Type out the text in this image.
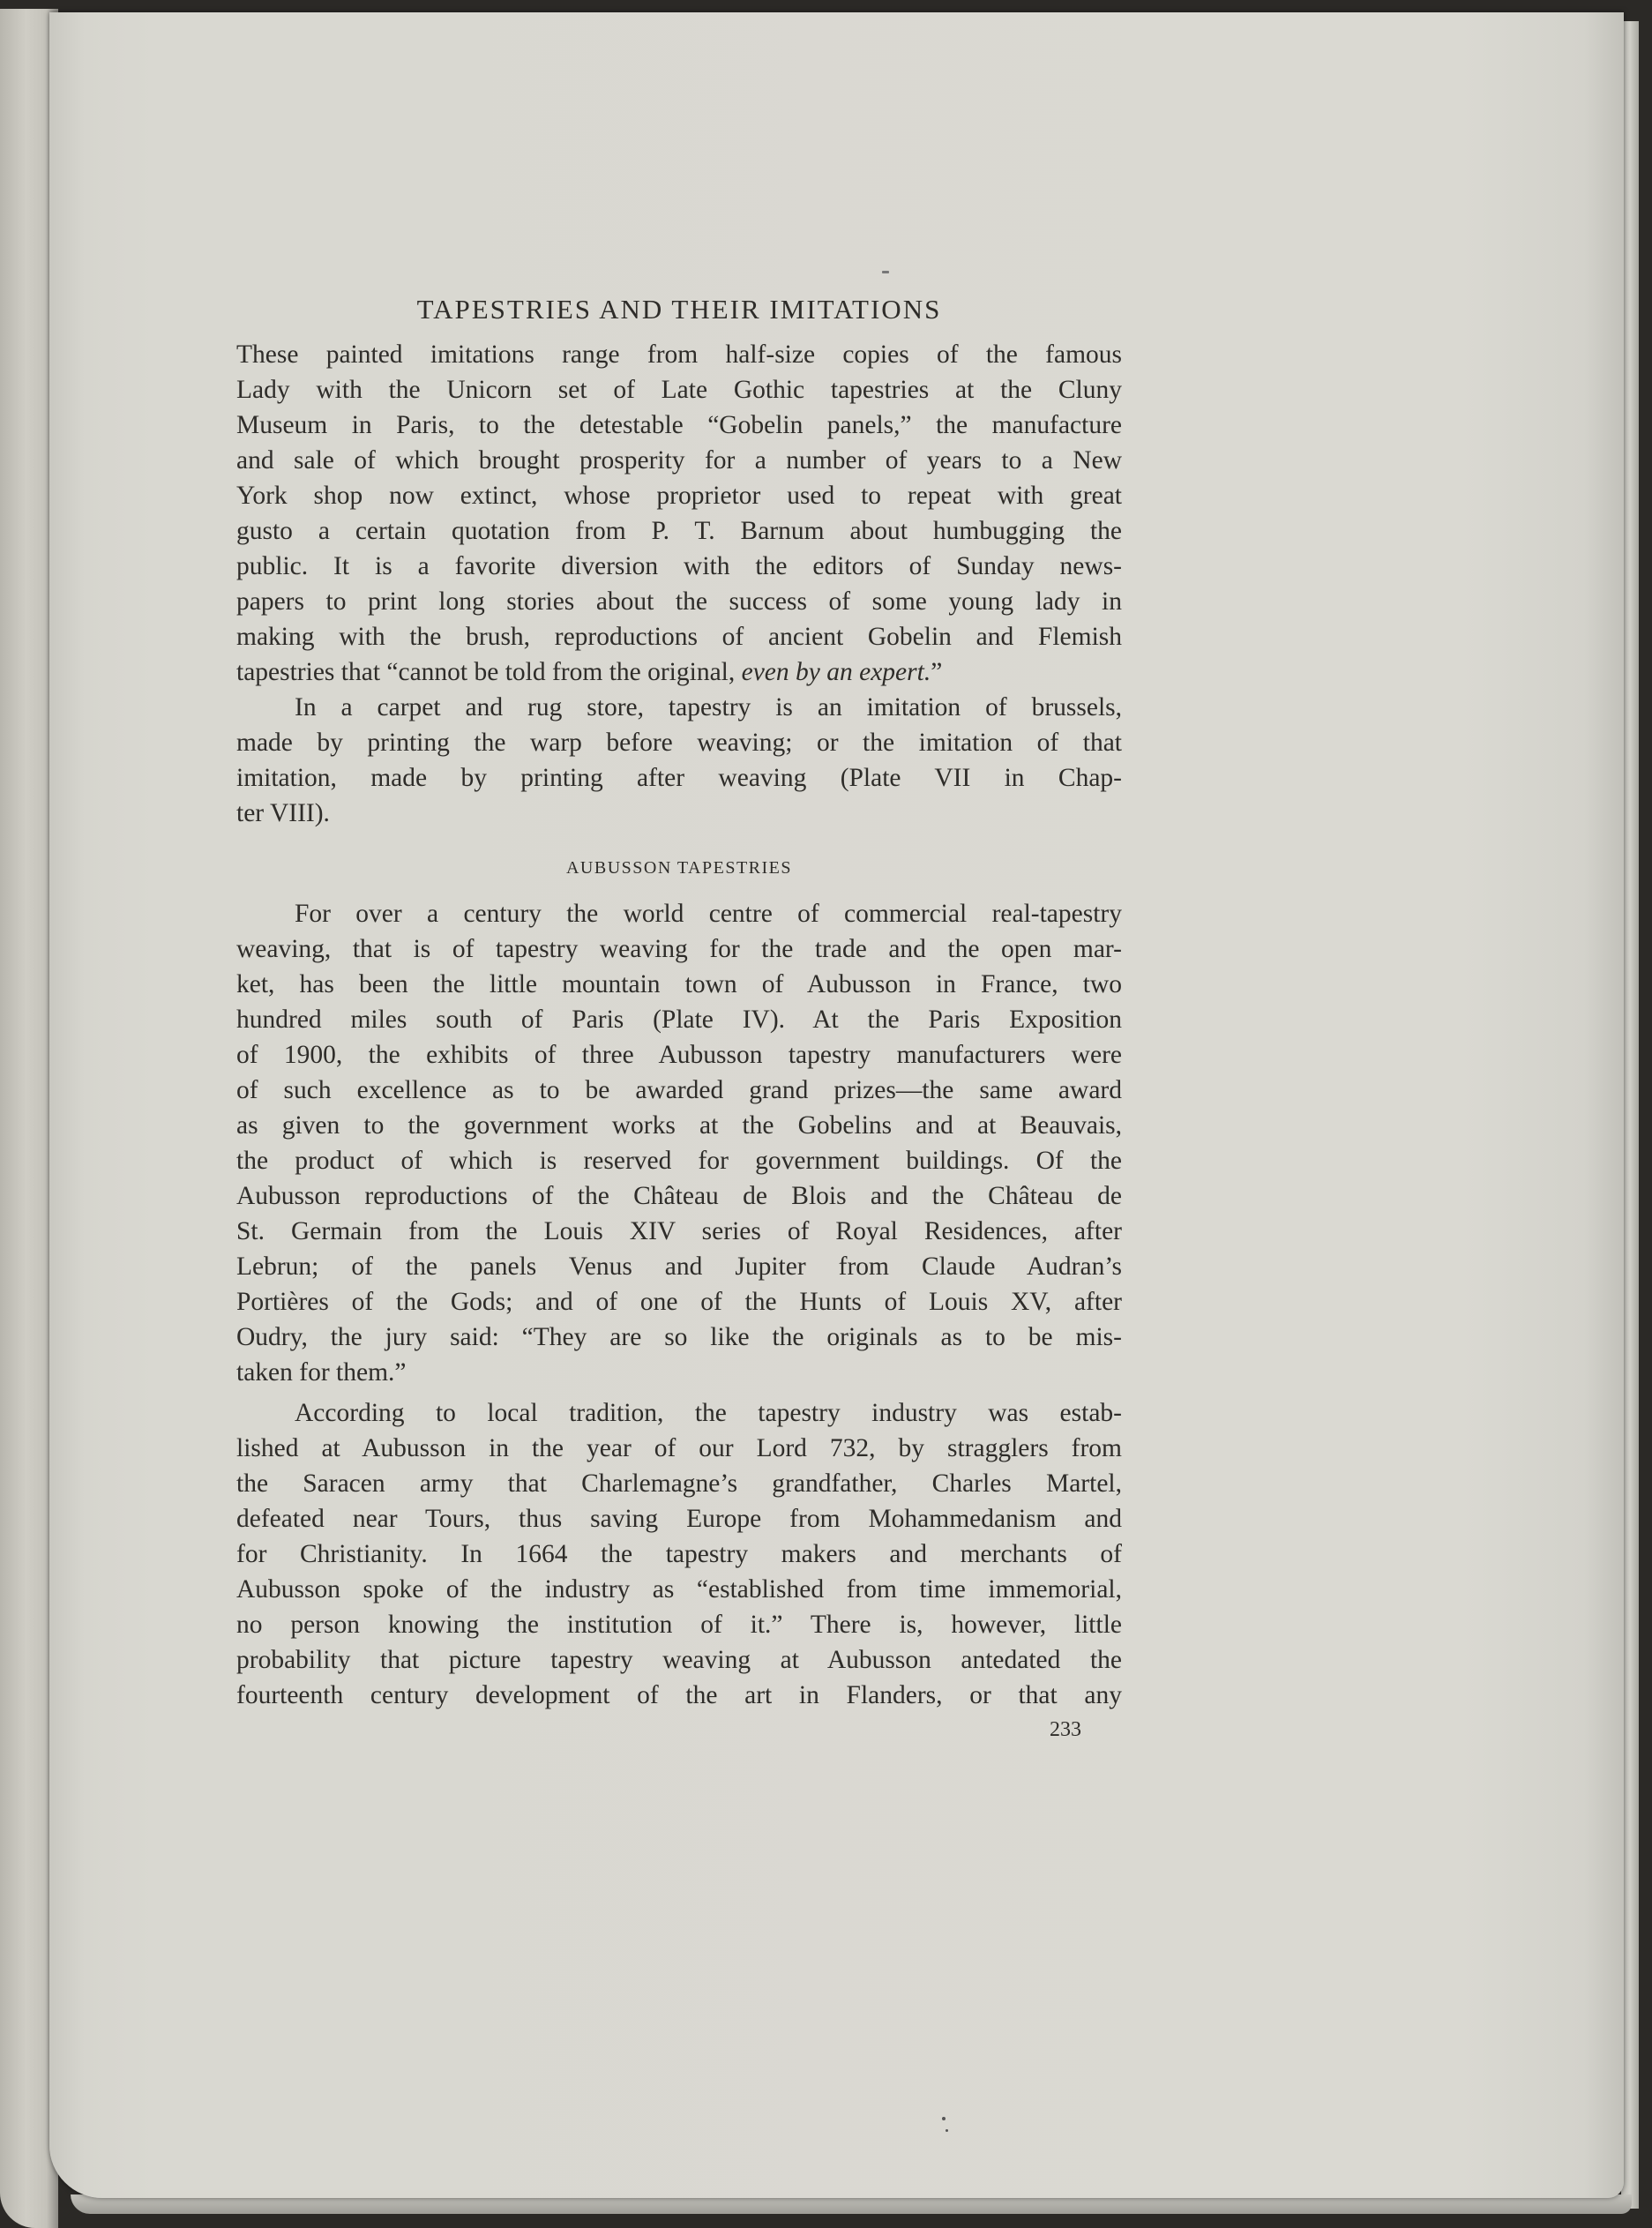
TAPESTRIES AND THEIR IMITATIONS
These painted imitations range from half-size copies of the famous
Lady with the Unicorn set of Late Gothic tapestries at the Cluny
Museum in Paris, to the detestable “Gobelin panels,” the manufacture
and sale of which brought prosperity for a number of years to a New
York shop now extinct, whose proprietor used to repeat with great
gusto a certain quotation from P. T. Barnum about humbugging the
public. It is a favorite diversion with the editors of Sunday news-
papers to print long stories about the success of some young lady in
making with the brush, reproductions of ancient Gobelin and Flemish
tapestries that “cannot be told from the original, even by an expert.”
In a carpet and rug store, tapestry is an imitation of brussels,
made by printing the warp before weaving; or the imitation of that
imitation, made by printing after weaving (Plate VII in Chap-
ter VIII).
AUBUSSON TAPESTRIES
For over a century the world centre of commercial real-tapestry
weaving, that is of tapestry weaving for the trade and the open mar-
ket, has been the little mountain town of Aubusson in France, two
hundred miles south of Paris (Plate IV). At the Paris Exposition
of 1900, the exhibits of three Aubusson tapestry manufacturers were
of such excellence as to be awarded grand prizes—the same award
as given to the government works at the Gobelins and at Beauvais,
the product of which is reserved for government buildings. Of the
Aubusson reproductions of the Château de Blois and the Château de
St. Germain from the Louis XIV series of Royal Residences, after
Lebrun; of the panels Venus and Jupiter from Claude Audran’s
Portières of the Gods; and of one of the Hunts of Louis XV, after
Oudry, the jury said: “They are so like the originals as to be mis-
taken for them.”
According to local tradition, the tapestry industry was estab-
lished at Aubusson in the year of our Lord 732, by stragglers from
the Saracen army that Charlemagne’s grandfather, Charles Martel,
defeated near Tours, thus saving Europe from Mohammedanism and
for Christianity. In 1664 the tapestry makers and merchants of
Aubusson spoke of the industry as “established from time immemorial,
no person knowing the institution of it.” There is, however, little
probability that picture tapestry weaving at Aubusson antedated the
fourteenth century development of the art in Flanders, or that any
233
